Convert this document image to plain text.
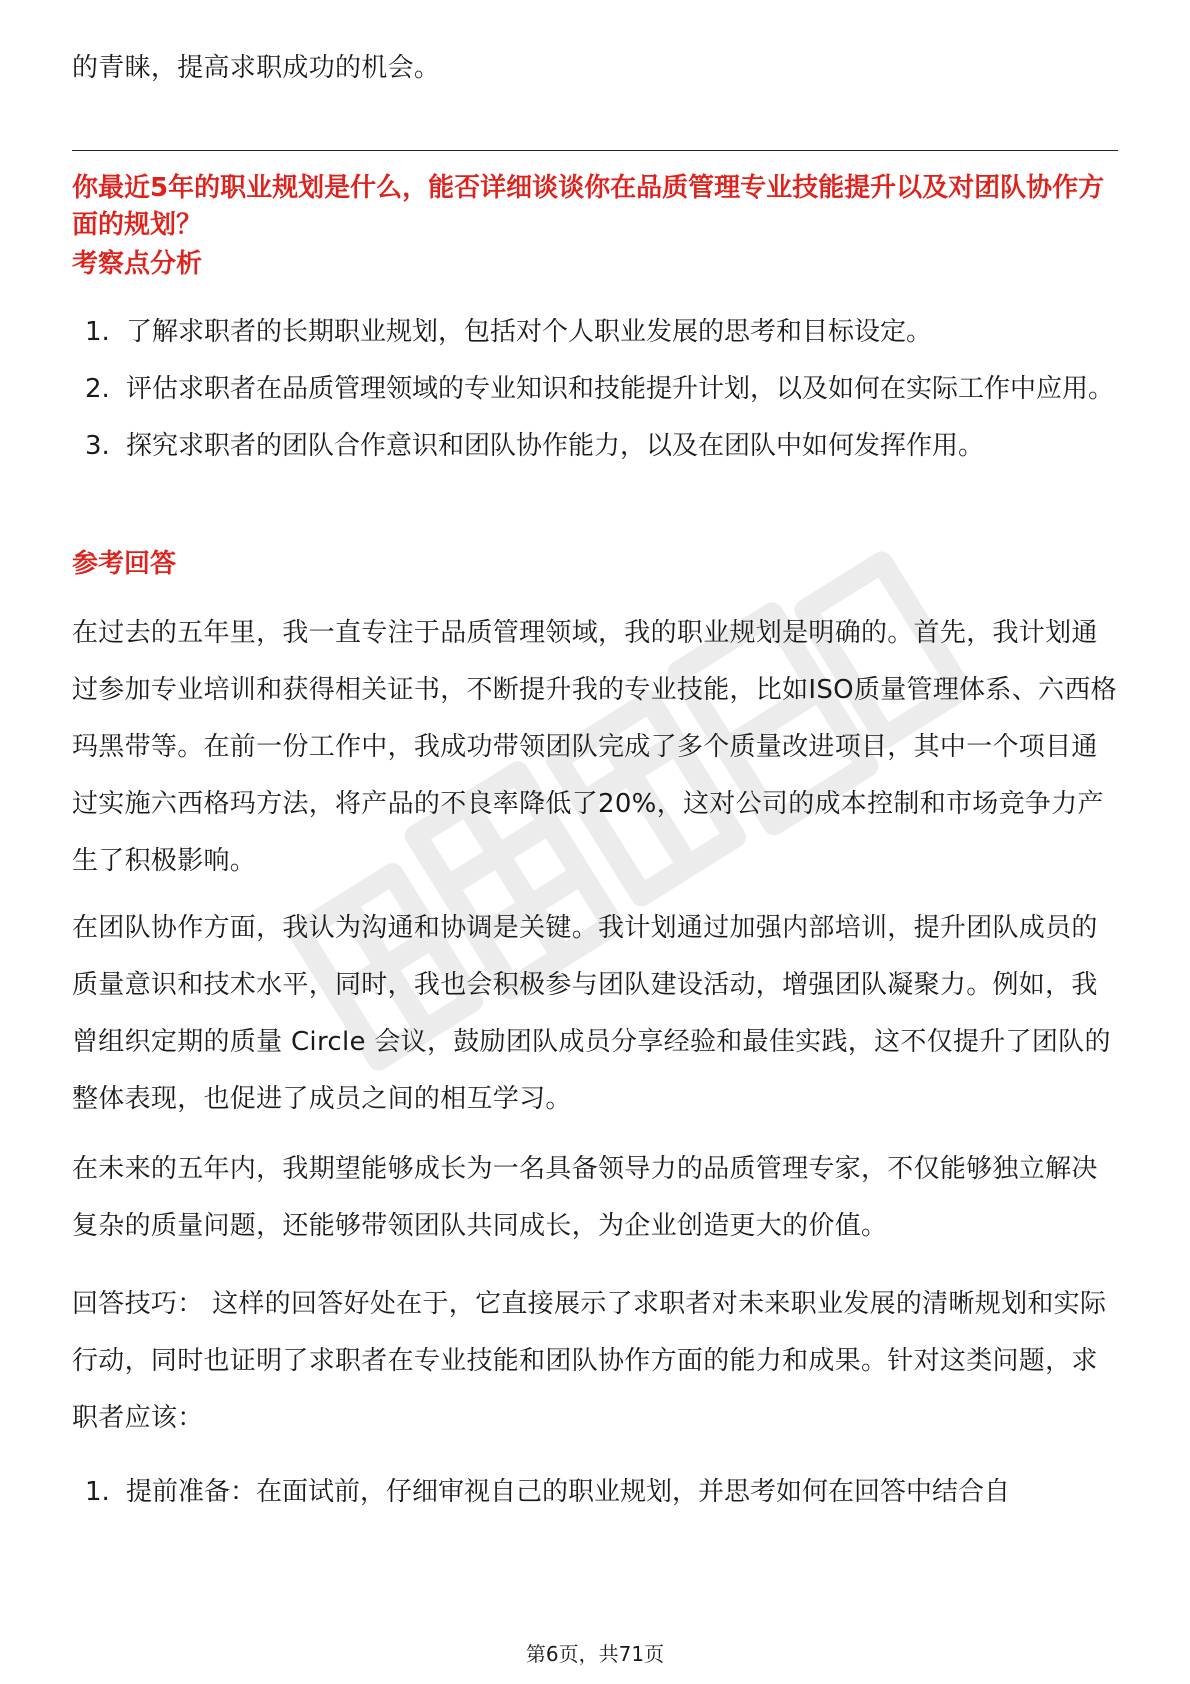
的青睐，提高求职成功的机会。

你最近5年的职业规划是什么，能否详细谈谈你在品质管理专业技能提升以及对团队协作方面的规划？

考察点分析
1. 了解求职者的长期职业规划，包括对个人职业发展的思考和目标设定。
2. 评估求职者在品质管理领域的专业知识和技能提升计划，以及如何在实际工作中应用。
3. 探究求职者的团队合作意识和团队协作能力，以及在团队中如何发挥作用。
参考回答

在过去的五年里，我一直专注于品质管理领域，我的职业规划是明确的。首先，我计划通过参加专业培训和获得相关证书，不断提升我的专业技能，比如ISO质量管理体系、六西格玛黑带等。在前一份工作中，我成功带领团队完成了多个质量改进项目，其中一个项目通过实施六西格玛方法，将产品的不良率降低了20%，这对公司的成本控制和市场竞争力产生了积极影响。

在团队协作方面，我认为沟通和协调是关键。我计划通过加强内部培训，提升团队成员的质量意识和技术水平，同时，我也会积极参与团队建设活动，增强团队凝聚力。例如，我曾组织定期的质量 Circle 会议，鼓励团队成员分享经验和最佳实践，这不仅提升了团队的整体表现，也促进了成员之间的相互学习。

在未来的五年内，我期望能够成长为一名具备领导力的品质管理专家，不仅能够独立解决复杂的质量问题，还能够带领团队共同成长，为企业创造更大的价值。

回答技巧： 这样的回答好处在于，它直接展示了求职者对未来职业发展的清晰规划和实际行动，同时也证明了求职者在专业技能和团队协作方面的能力和成果。针对这类问题，求职者应该：

1. 提前准备：在面试前，仔细审视自己的职业规划，并思考如何在回答中结合自
第6页，共71页
